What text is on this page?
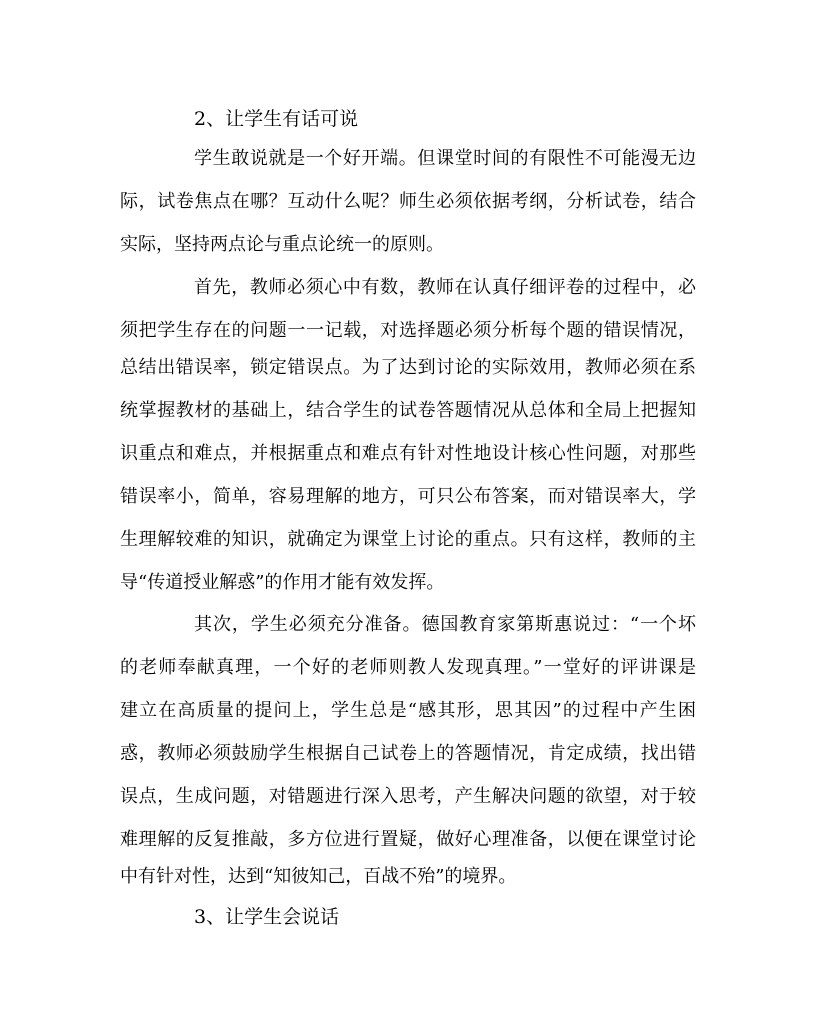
2、让学生有话可说
学生敢说就是一个好开端。但课堂时间的有限性不可能漫无边
际，试卷焦点在哪？互动什么呢？师生必须依据考纲，分析试卷，结合
实际，坚持两点论与重点论统一的原则。
首先，教师必须心中有数，教师在认真仔细评卷的过程中，必
须把学生存在的问题一一记载，对选择题必须分析每个题的错误情况，
总结出错误率，锁定错误点。为了达到讨论的实际效用，教师必须在系
统掌握教材的基础上，结合学生的试卷答题情况从总体和全局上把握知
识重点和难点，并根据重点和难点有针对性地设计核心性问题，对那些
错误率小，简单，容易理解的地方，可只公布答案，而对错误率大，学
生理解较难的知识，就确定为课堂上讨论的重点。只有这样，教师的主
导“传道授业解惑”的作用才能有效发挥。
其次，学生必须充分准备。德国教育家第斯惠说过：“一个坏
的老师奉献真理，一个好的老师则教人发现真理。”一堂好的评讲课是
建立在高质量的提问上，学生总是“感其形，思其因”的过程中产生困
惑，教师必须鼓励学生根据自己试卷上的答题情况，肯定成绩，找出错
误点，生成问题，对错题进行深入思考，产生解决问题的欲望，对于较
难理解的反复推敲，多方位进行置疑，做好心理准备，以便在课堂讨论
中有针对性，达到“知彼知己，百战不殆”的境界。
3、让学生会说话
